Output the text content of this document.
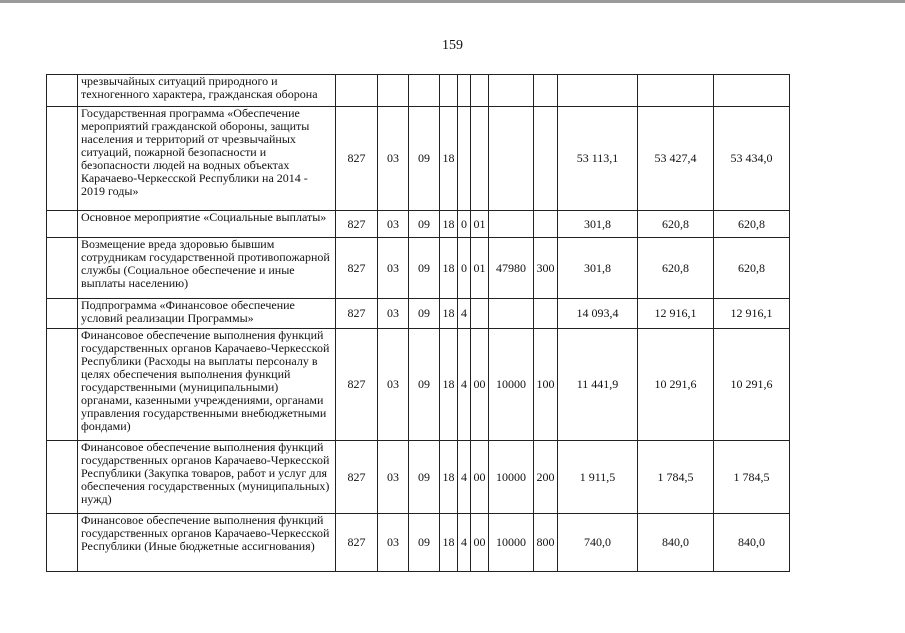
159
	чрезвычайных ситуаций природного и техногенного характера, гражданская оборона											
	Государственная программа «Обеспечение мероприятий гражданской обороны, защиты населения и территорий от чрезвычайных ситуаций, пожарной безопасности и безопасности людей на водных объектах Карачаево-Черкесской Республики на 2014 - 2019 годы»	827	03	09	18					53 113,1	53 427,4	53 434,0
	Основное мероприятие «Социальные выплаты»	827	03	09	18	0	01			301,8	620,8	620,8
	Возмещение вреда здоровью бывшим сотрудникам государственной противопожарной службы (Социальное обеспечение и иные выплаты населению)	827	03	09	18	0	01	47980	300	301,8	620,8	620,8
	Подпрограмма «Финансовое обеспечение условий реализации Программы»	827	03	09	18	4				14 093,4	12 916,1	12 916,1
	Финансовое обеспечение выполнения функций государственных органов Карачаево-Черкесской Республики (Расходы на выплаты персоналу в целях обеспечения выполнения функций государственными (муниципальными) органами, казенными учреждениями, органами управления государственными внебюджетными фондами)	827	03	09	18	4	00	10000	100	11 441,9	10 291,6	10 291,6
	Финансовое обеспечение выполнения функций государственных органов Карачаево-Черкесской Республики (Закупка товаров, работ и услуг для обеспечения государственных (муниципальных) нужд)	827	03	09	18	4	00	10000	200	1 911,5	1 784,5	1 784,5
	Финансовое обеспечение выполнения функций государственных органов Карачаево-Черкесской Республики (Иные бюджетные ассигнования)	827	03	09	18	4	00	10000	800	740,0	840,0	840,0
